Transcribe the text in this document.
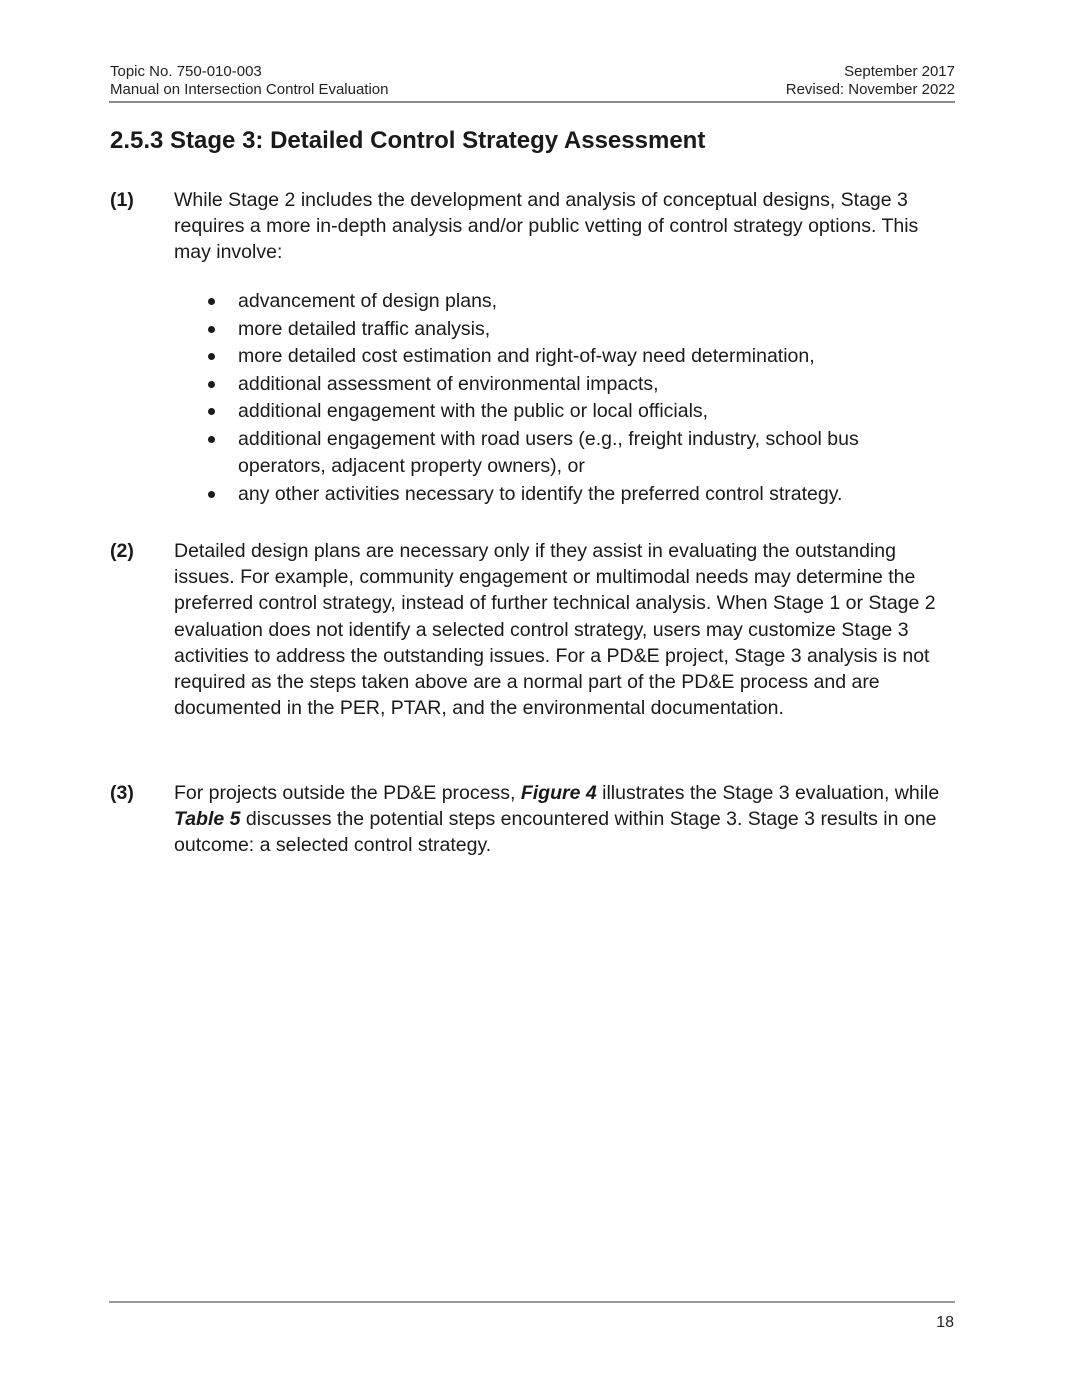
Topic No. 750-010-003
Manual on Intersection Control Evaluation
September 2017
Revised: November 2022
2.5.3 Stage 3: Detailed Control Strategy Assessment
(1) While Stage 2 includes the development and analysis of conceptual designs, Stage 3 requires a more in-depth analysis and/or public vetting of control strategy options. This may involve:
advancement of design plans,
more detailed traffic analysis,
more detailed cost estimation and right-of-way need determination,
additional assessment of environmental impacts,
additional engagement with the public or local officials,
additional engagement with road users (e.g., freight industry, school bus operators, adjacent property owners), or
any other activities necessary to identify the preferred control strategy.
(2) Detailed design plans are necessary only if they assist in evaluating the outstanding issues. For example, community engagement or multimodal needs may determine the preferred control strategy, instead of further technical analysis. When Stage 1 or Stage 2 evaluation does not identify a selected control strategy, users may customize Stage 3 activities to address the outstanding issues. For a PD&E project, Stage 3 analysis is not required as the steps taken above are a normal part of the PD&E process and are documented in the PER, PTAR, and the environmental documentation.
(3) For projects outside the PD&E process, Figure 4 illustrates the Stage 3 evaluation, while Table 5 discusses the potential steps encountered within Stage 3. Stage 3 results in one outcome: a selected control strategy.
18
